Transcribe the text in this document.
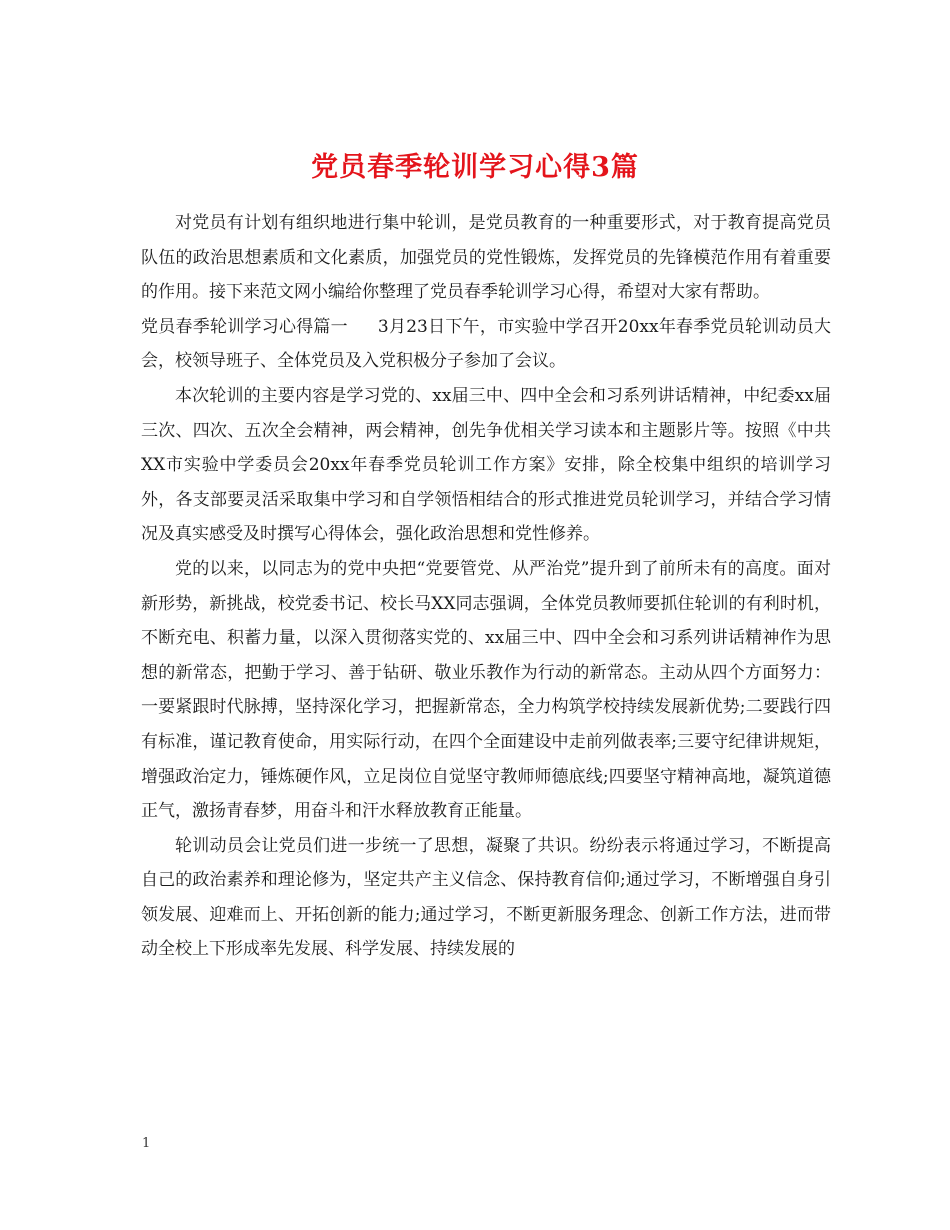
党员春季轮训学习心得3篇

对党员有计划有组织地进行集中轮训，是党员教育的一种重要形式，对于教育提高党员队伍的政治思想素质和文化素质，加强党员的党性锻炼，发挥党员的先锋模范作用有着重要的作用。接下来范文网小编给你整理了党员春季轮训学习心得，希望对大家有帮助。

党员春季轮训学习心得篇一 3月23日下午，市实验中学召开20xx年春季党员轮训动员大会，校领导班子、全体党员及入党积极分子参加了会议。

本次轮训的主要内容是学习党的、xx届三中、四中全会和习系列讲话精神，中纪委xx届三次、四次、五次全会精神，两会精神，创先争优相关学习读本和主题影片等。按照《中共XX市实验中学委员会20xx年春季党员轮训工作方案》安排，除全校集中组织的培训学习外，各支部要灵活采取集中学习和自学领悟相结合的形式推进党员轮训学习，并结合学习情况及真实感受及时撰写心得体会，强化政治思想和党性修养。

党的以来，以同志为的党中央把“党要管党、从严治党”提升到了前所未有的高度。面对新形势，新挑战，校党委书记、校长马XX同志强调，全体党员教师要抓住轮训的有利时机，不断充电、积蓄力量，以深入贯彻落实党的、xx届三中、四中全会和习系列讲话精神作为思想的新常态，把勤于学习、善于钻研、敬业乐教作为行动的新常态。主动从四个方面努力：一要紧跟时代脉搏，坚持深化学习，把握新常态，全力构筑学校持续发展新优势;二要践行四有标准，谨记教育使命，用实际行动，在四个全面建设中走前列做表率;三要守纪律讲规矩，增强政治定力，锤炼硬作风，立足岗位自觉坚守教师师德底线;四要坚守精神高地，凝筑道德正气，激扬青春梦，用奋斗和汗水释放教育正能量。

轮训动员会让党员们进一步统一了思想，凝聚了共识。纷纷表示将通过学习，不断提高自己的政治素养和理论修为，坚定共产主义信念、保持教育信仰;通过学习，不断增强自身引领发展、迎难而上、开拓创新的能力;通过学习，不断更新服务理念、创新工作方法，进而带动全校上下形成率先发展、科学发展、持续发展的

1
